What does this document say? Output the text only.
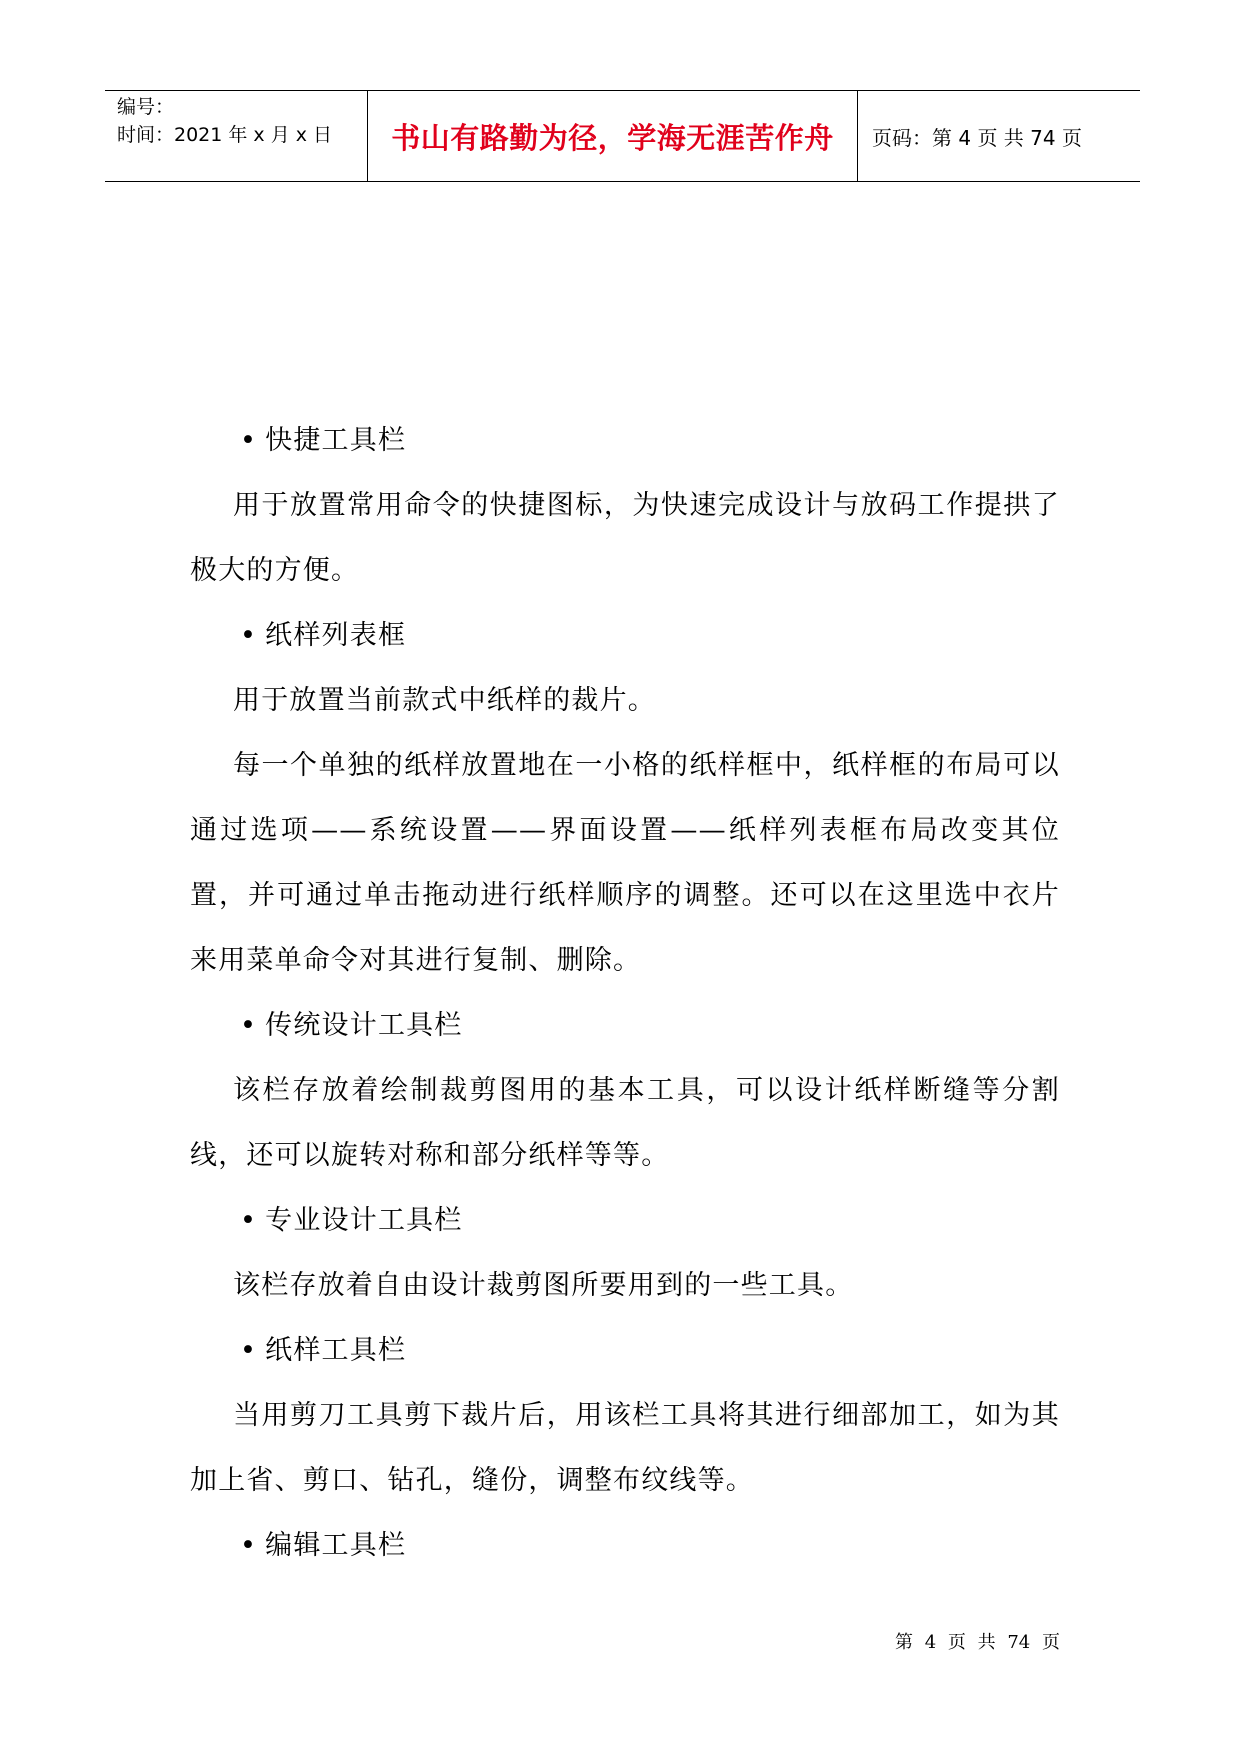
编号：
时间：2021 年 x 月 x 日	书山有路勤为径，学海无涯苦作舟 页码：第 4 页 共 74 页
• 快捷工具栏
用于放置常用命令的快捷图标，为快速完成设计与放码工作提拱了极大的方便。
• 纸样列表框
用于放置当前款式中纸样的裁片。
每一个单独的纸样放置地在一小格的纸样框中，纸样框的布局可以通过选项——系统设置——界面设置——纸样列表框布局改变其位置，并可通过单击拖动进行纸样顺序的调整。还可以在这里选中衣片来用菜单命令对其进行复制、删除。
• 传统设计工具栏
该栏存放着绘制裁剪图用的基本工具，可以设计纸样断缝等分割线，还可以旋转对称和部分纸样等等。
• 专业设计工具栏
该栏存放着自由设计裁剪图所要用到的一些工具。
• 纸样工具栏
当用剪刀工具剪下裁片后，用该栏工具将其进行细部加工，如为其加上省、剪口、钻孔，缝份，调整布纹线等。
• 编辑工具栏
第 4 页 共 74 页
